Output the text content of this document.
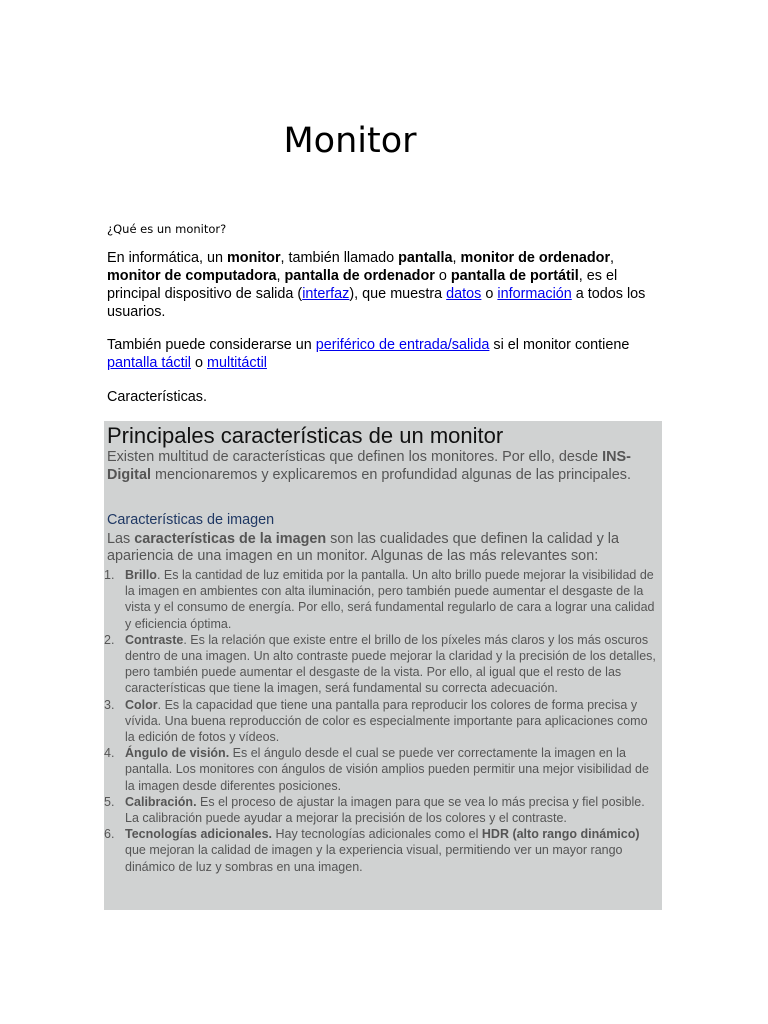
Monitor

¿Qué es un monitor?

En informática, un monitor, también llamado pantalla, monitor de ordenador, monitor de computadora, pantalla de ordenador o pantalla de portátil, es el principal dispositivo de salida (interfaz), que muestra datos o información a todos los usuarios.

También puede considerarse un periférico de entrada/salida si el monitor contiene pantalla táctil o multitáctil

Características.

Principales características de un monitor

Existen multitud de características que definen los monitores. Por ello, desde INS-Digital mencionaremos y explicaremos en profundidad algunas de las principales.

Características de imagen

Las características de la imagen son las cualidades que definen la calidad y la apariencia de una imagen en un monitor. Algunas de las más relevantes son:

1. Brillo. Es la cantidad de luz emitida por la pantalla. Un alto brillo puede mejorar la visibilidad de la imagen en ambientes con alta iluminación, pero también puede aumentar el desgaste de la vista y el consumo de energía. Por ello, será fundamental regularlo de cara a lograr una calidad y eficiencia óptima.
2. Contraste. Es la relación que existe entre el brillo de los píxeles más claros y los más oscuros dentro de una imagen. Un alto contraste puede mejorar la claridad y la precisión de los detalles, pero también puede aumentar el desgaste de la vista. Por ello, al igual que el resto de las características que tiene la imagen, será fundamental su correcta adecuación.
3. Color. Es la capacidad que tiene una pantalla para reproducir los colores de forma precisa y vívida. Una buena reproducción de color es especialmente importante para aplicaciones como la edición de fotos y vídeos.
4. Ángulo de visión. Es el ángulo desde el cual se puede ver correctamente la imagen en la pantalla. Los monitores con ángulos de visión amplios pueden permitir una mejor visibilidad de la imagen desde diferentes posiciones.
5. Calibración. Es el proceso de ajustar la imagen para que se vea lo más precisa y fiel posible. La calibración puede ayudar a mejorar la precisión de los colores y el contraste.
6. Tecnologías adicionales. Hay tecnologías adicionales como el HDR (alto rango dinámico) que mejoran la calidad de imagen y la experiencia visual, permitiendo ver un mayor rango dinámico de luz y sombras en una imagen.
